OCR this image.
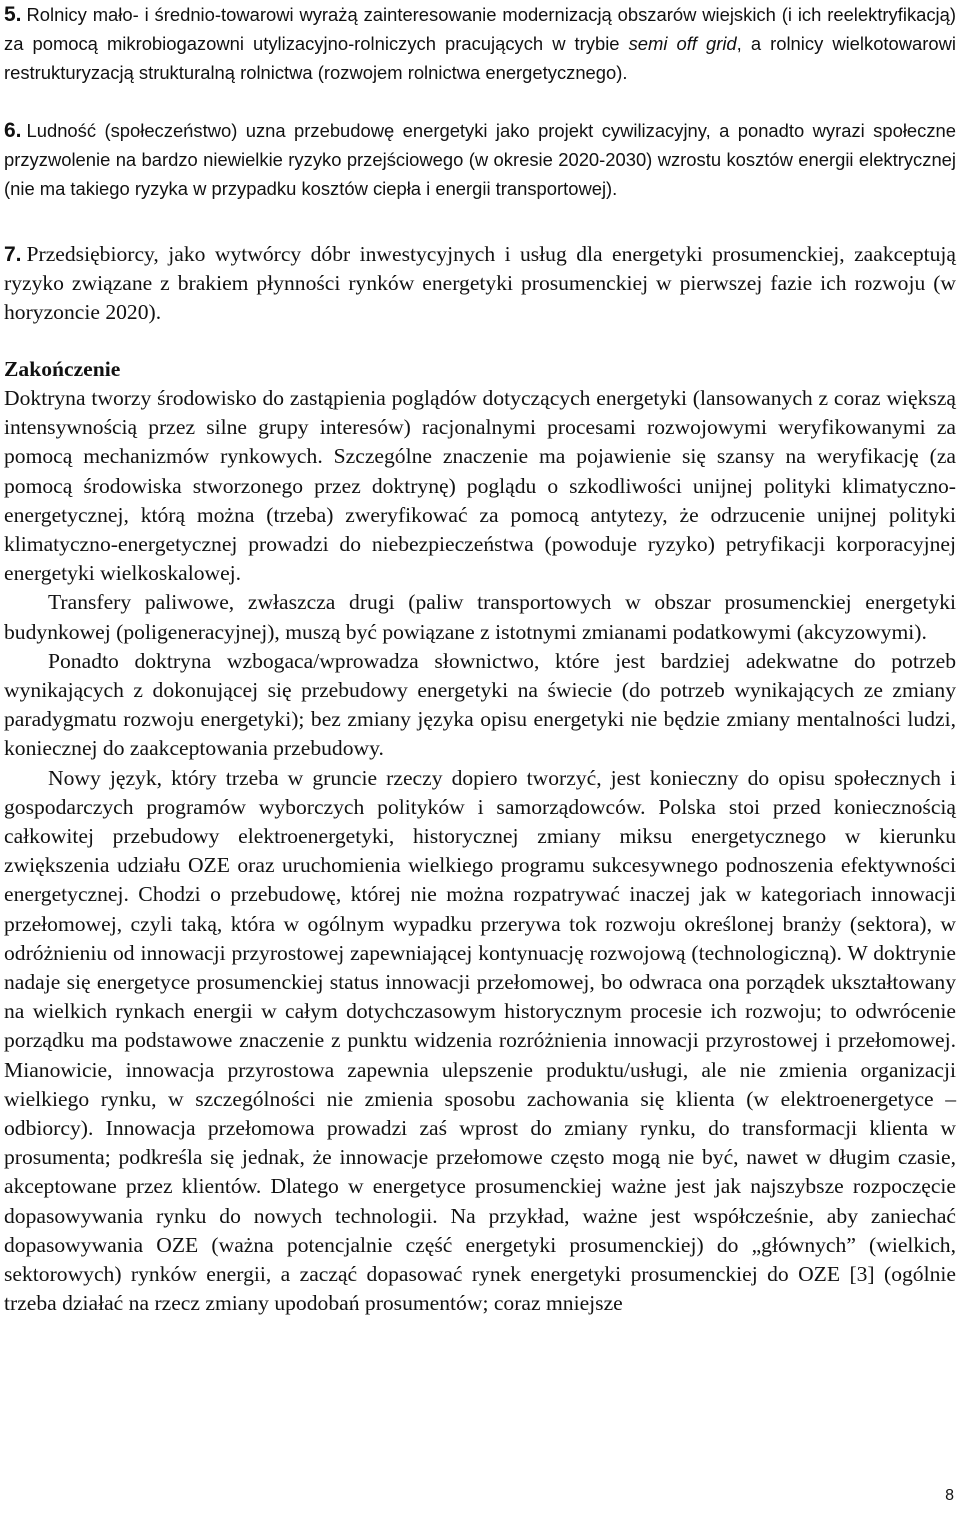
5. Rolnicy mało- i średnio-towarowi wyrażą zainteresowanie modernizacją obszarów wiejskich (i ich reelektryfikacją) za pomocą mikrobiogazowni utylizacyjno-rolniczych pracujących w trybie semi off grid, a rolnicy wielkotowarowi restrukturyzacją strukturalną rolnictwa (rozwojem rolnictwa energetycznego).

6. Ludność (społeczeństwo) uzna przebudowę energetyki jako projekt cywilizacyjny, a ponadto wyrazi społeczne przyzwolenie na bardzo niewielkie ryzyko przejściowego (w okresie 2020-2030) wzrostu kosztów energii elektrycznej (nie ma takiego ryzyka w przypadku kosztów ciepła i energii transportowej).

7. Przedsiębiorcy, jako wytwórcy dóbr inwestycyjnych i usług dla energetyki prosumenckiej, zaakceptują ryzyko związane z brakiem płynności rynków energetyki prosumenckiej w pierwszej fazie ich rozwoju (w horyzoncie 2020).

Zakończenie

Doktryna tworzy środowisko do zastąpienia poglądów dotyczących energetyki (lansowanych z coraz większą intensywnością przez silne grupy interesów) racjonalnymi procesami rozwojowymi weryfikowanymi za pomocą mechanizmów rynkowych. Szczególne znaczenie ma pojawienie się szansy na weryfikację (za pomocą środowiska stworzonego przez doktrynę) poglądu o szkodliwości unijnej polityki klimatyczno-energetycznej, którą można (trzeba) zweryfikować za pomocą antytezy, że odrzucenie unijnej polityki klimatyczno-energetycznej prowadzi do niebezpieczeństwa (powoduje ryzyko) petryfikacji korporacyjnej energetyki wielkoskalowej.

Transfery paliwowe, zwłaszcza drugi (paliw transportowych w obszar prosumenckiej energetyki budynkowej (poligeneracyjnej), muszą być powiązane z istotnymi zmianami podatkowymi (akcyzowymi).

Ponadto doktryna wzbogaca/wprowadza słownictwo, które jest bardziej adekwatne do potrzeb wynikających z dokonującej się przebudowy energetyki na świecie (do potrzeb wynikających ze zmiany paradygmatu rozwoju energetyki); bez zmiany języka opisu energetyki nie będzie zmiany mentalności ludzi, koniecznej do zaakceptowania przebudowy.

Nowy język, który trzeba w gruncie rzeczy dopiero tworzyć, jest konieczny do opisu społecznych i gospodarczych programów wyborczych polityków i samorządowców. Polska stoi przed koniecznością całkowitej przebudowy elektroenergetyki, historycznej zmiany miksu energetycznego w kierunku zwiększenia udziału OZE oraz uruchomienia wielkiego programu sukcesywnego podnoszenia efektywności energetycznej. Chodzi o przebudowę, której nie można rozpatrywać inaczej jak w kategoriach innowacji przełomowej, czyli taką, która w ogólnym wypadku przerywa tok rozwoju określonej branży (sektora), w odróżnieniu od innowacji przyrostowej zapewniającej kontynuację rozwojową (technologiczną). W doktrynie nadaje się energetyce prosumenckiej status innowacji przełomowej, bo odwraca ona porządek ukształtowany na wielkich rynkach energii w całym dotychczasowym historycznym procesie ich rozwoju; to odwrócenie porządku ma podstawowe znaczenie z punktu widzenia rozróżnienia innowacji przyrostowej i przełomowej. Mianowicie, innowacja przyrostowa zapewnia ulepszenie produktu/usługi, ale nie zmienia organizacji wielkiego rynku, w szczególności nie zmienia sposobu zachowania się klienta (w elektroenergetyce – odbiorcy). Innowacja przełomowa prowadzi zaś wprost do zmiany rynku, do transformacji klienta w prosumenta; podkreśla się jednak, że innowacje przełomowe często mogą nie być, nawet w długim czasie, akceptowane przez klientów. Dlatego w energetyce prosumenckiej ważne jest jak najszybsze rozpoczęcie dopasowywania rynku do nowych technologii. Na przykład, ważne jest współcześnie, aby zaniechać dopasowywania OZE (ważna potencjalnie część energetyki prosumenckiej) do „głównych” (wielkich, sektorowych) rynków energii, a zacząć dopasować rynek energetyki prosumenckiej do OZE [3] (ogólnie trzeba działać na rzecz zmiany upodobań prosumentów; coraz mniejsze

8
